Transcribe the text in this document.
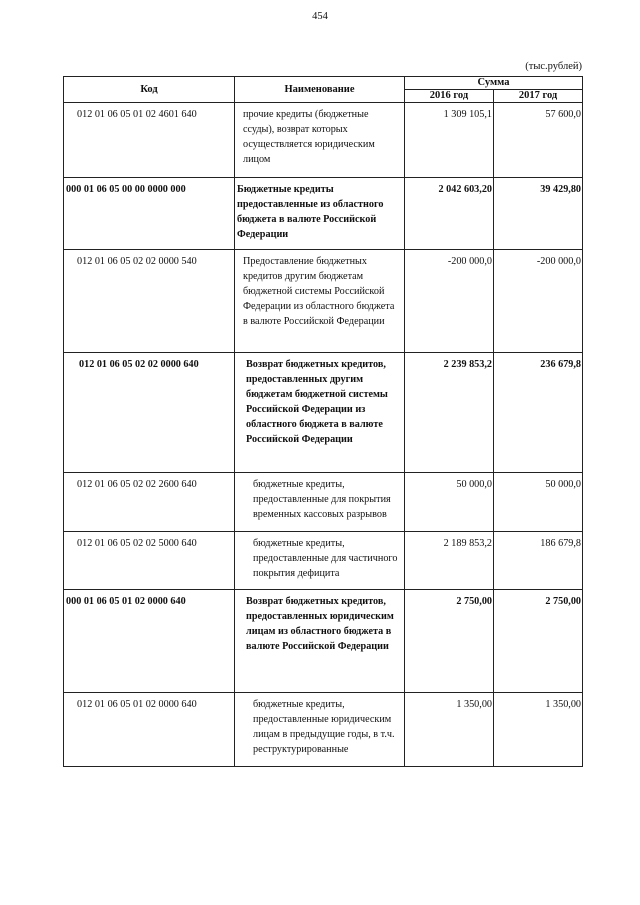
454
(тыс.рублей)
Код	Наименование	Сумма	
		2016 год	2017 год
012 01 06 05 01 02 4601 640	прочие кредиты (бюджетные ссуды), возврат которых осуществляется юридическим лицом	1 309 105,1	57 600,0
000 01 06 05 00 00 0000 000	Бюджетные кредиты предоставленные из областного бюджета в валюте Российской Федерации	2 042 603,20	39 429,80
012 01 06 05 02 02 0000 540	Предоставление бюджетных кредитов другим бюджетам бюджетной системы Российской Федерации из областного бюджета в валюте Российской Федерации	-200 000,0	-200 000,0
012 01 06 05 02 02 0000 640	Возврат бюджетных кредитов, предоставленных другим бюджетам бюджетной системы Российской Федерации из областного бюджета в валюте Российской Федерации	2 239 853,2	236 679,8
012 01 06 05 02 02 2600 640	бюджетные кредиты, предоставленные для покрытия временных кассовых разрывов	50 000,0	50 000,0
012 01 06 05 02 02 5000 640	бюджетные кредиты, предоставленные для частичного покрытия дефицита	2 189 853,2	186 679,8
000 01 06 05 01 02 0000 640	Возврат бюджетных кредитов, предоставленных юридическим лицам из областного бюджета в валюте Российской Федерации	2 750,00	2 750,00
012 01 06 05 01 02 0000 640	бюджетные кредиты, предоставленные юридическим лицам в предыдущие годы, в т.ч. реструктурированные	1 350,00	1 350,00
